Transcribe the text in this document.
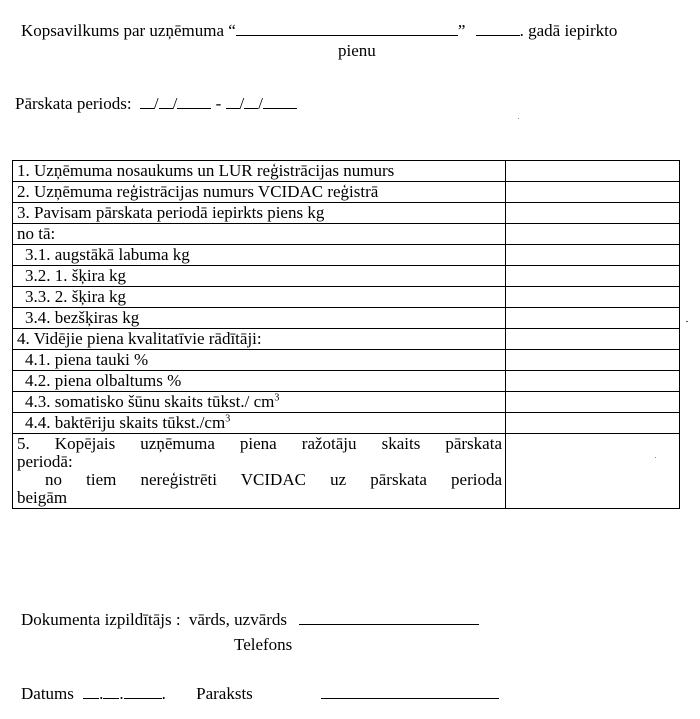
Kopsavilkums par uzņēmuma “	”	. gadā iepirkto
pienu
Pārskata periods: / / - / /
1. Uzņēmuma nosaukums un LUR reģistrācijas numurs	
2. Uzņēmuma reģistrācijas numurs VCIDAC reģistrā	
3. Pavisam pārskata periodā iepirkts piens kg	
no tā:	
3.1. augstākā labuma kg	
3.2. 1. šķira kg	
3.3. 2. šķira kg	
3.4. bezšķiras kg	
4. Vidējie piena kvalitatīvie rādītāji:	
4.1. piena tauki %	
4.2. piena olbaltums %	
4.3. somatisko šūnu skaits tūkst./ $cm^3$	
4.4. baktēriju skaits $tūkst./cm^3$	

5. Kopējais uzņēmuma piena ražotāju skaits pārskata
periodā:
no tiem nereģistrēti VCIDAC uz pārskata perioda
beigām	

Dokumenta izpildītājs : vārds, uzvārds
Telefons
Datums . . . Paraksts
